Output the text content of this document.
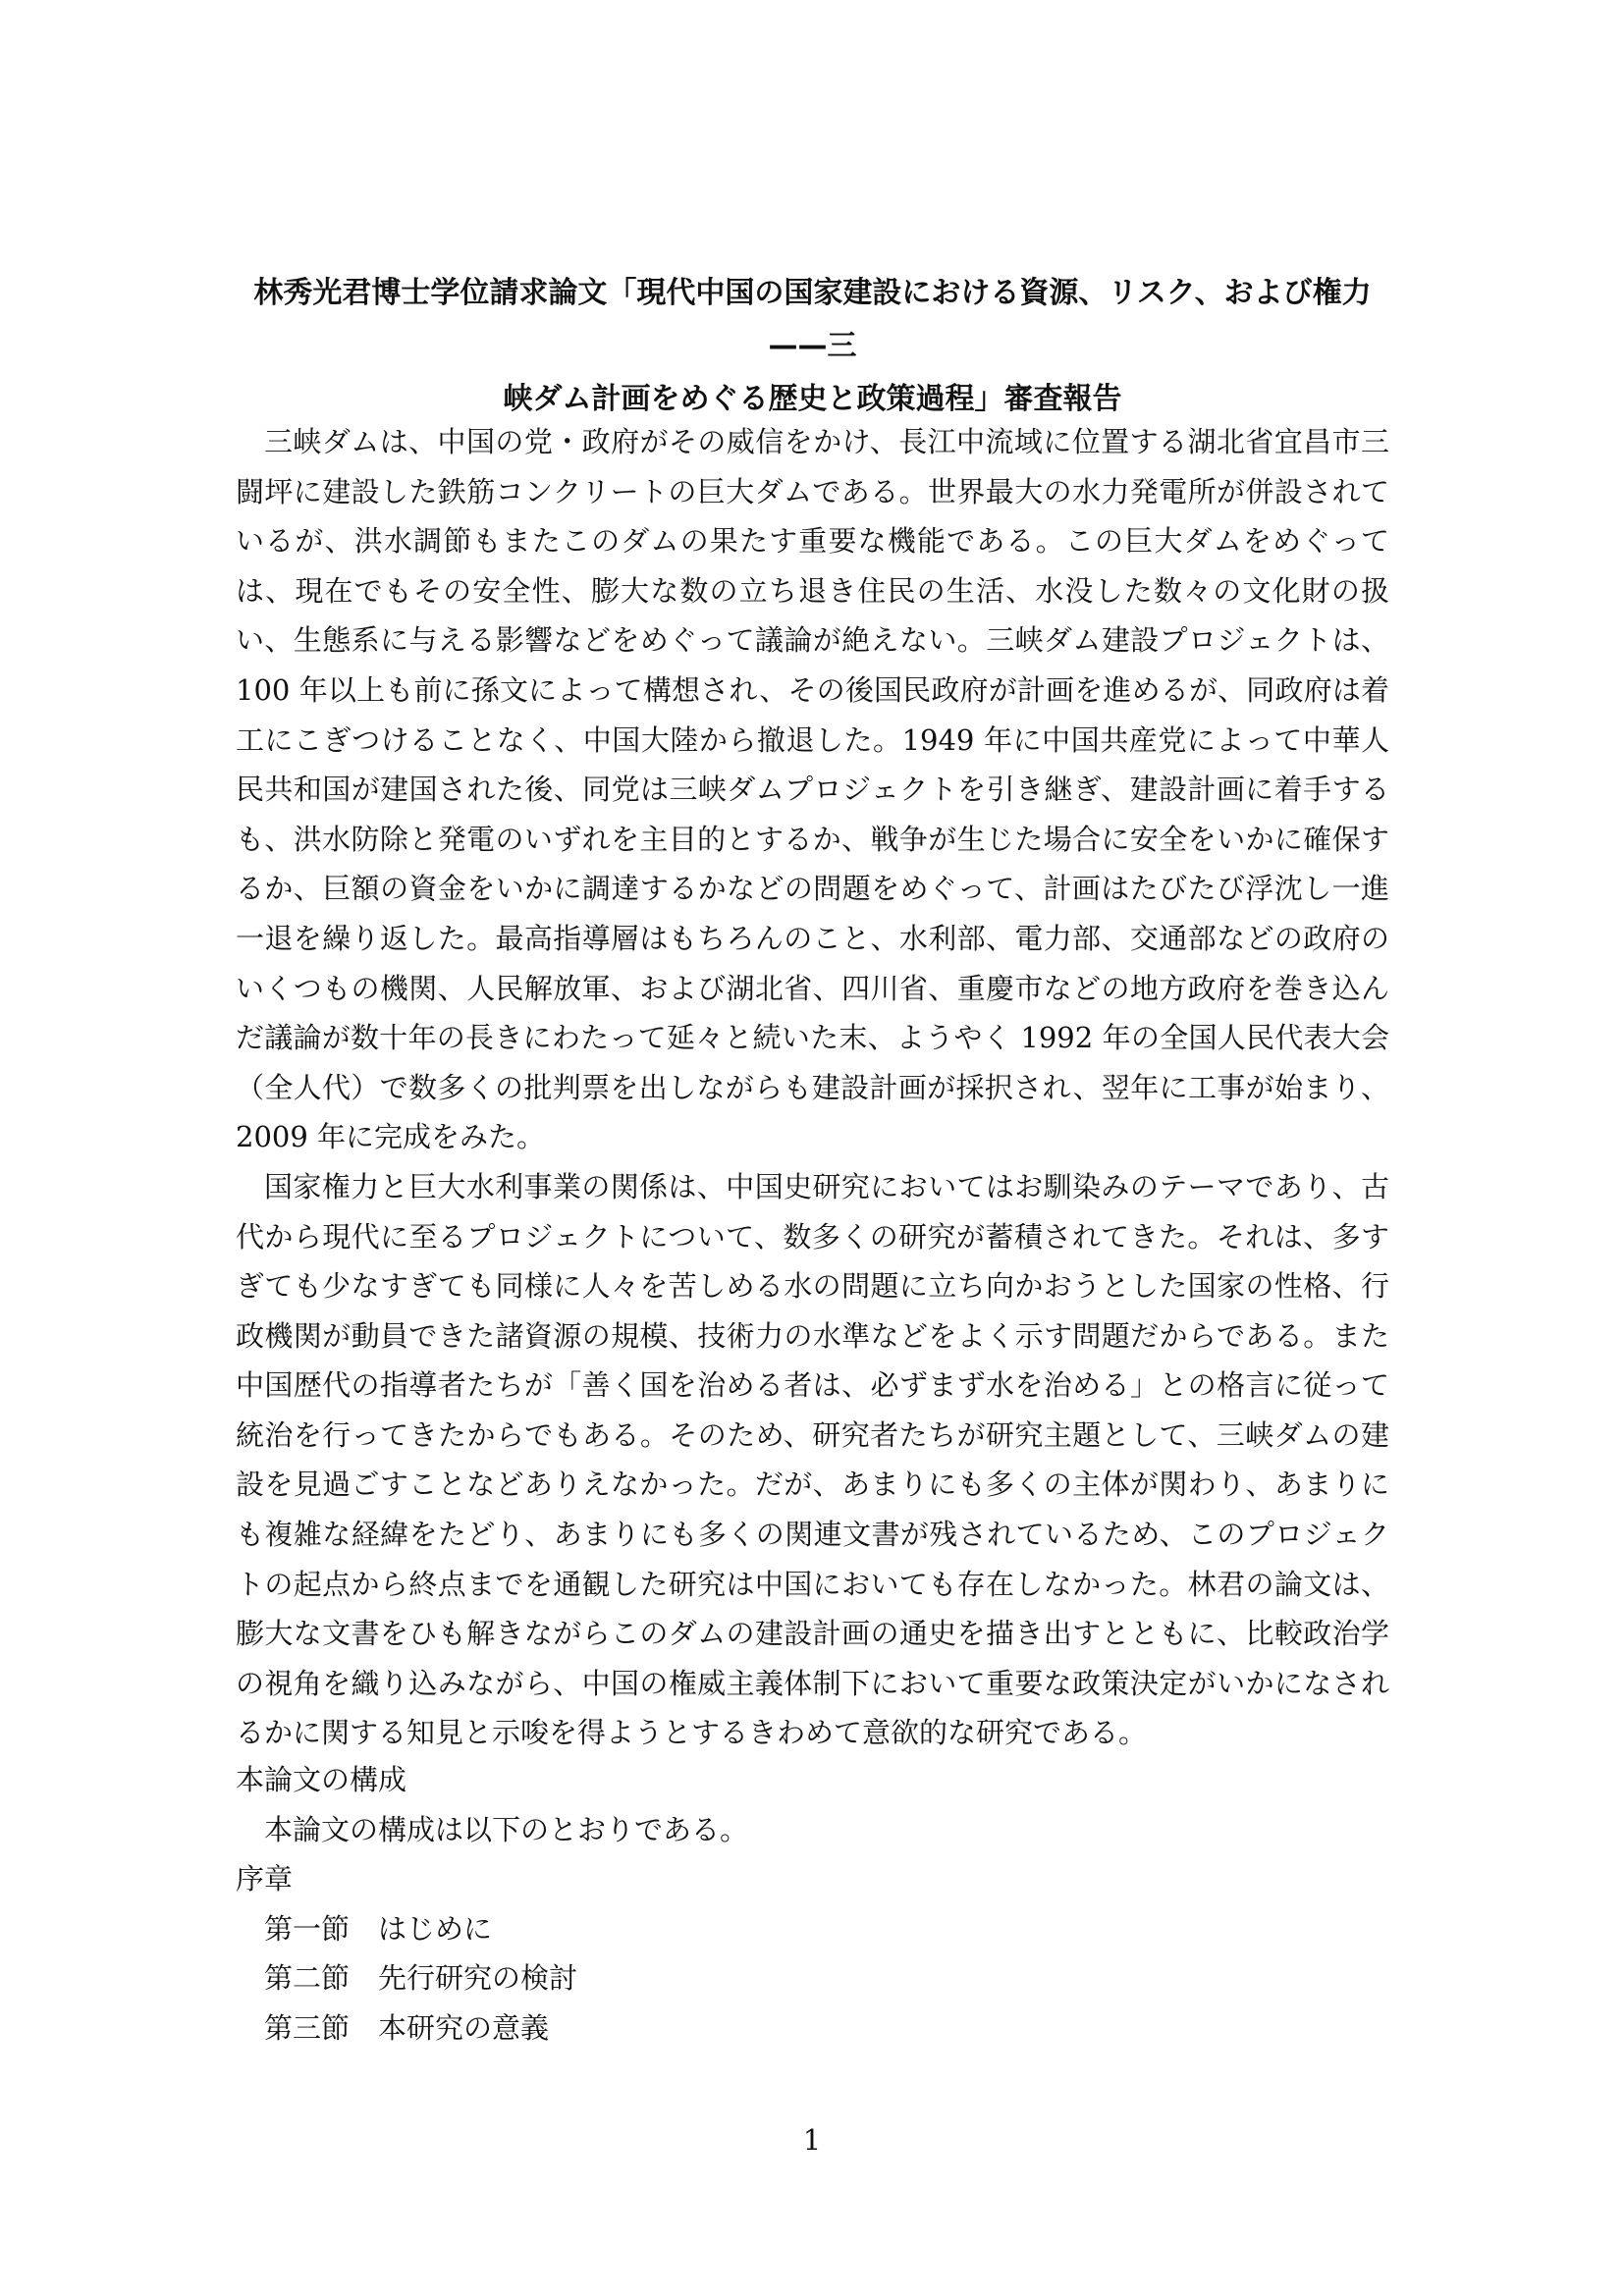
林秀光君博士学位請求論文「現代中国の国家建設における資源、リスク、および権力——三
峡ダム計画をめぐる歴史と政策過程」審査報告

三峡ダムは、中国の党・政府がその威信をかけ、長江中流域に位置する湖北省宜昌市三闘坪に建設した鉄筋コンクリートの巨大ダムである。世界最大の水力発電所が併設されているが、洪水調節もまたこのダムの果たす重要な機能である。この巨大ダムをめぐっては、現在でもその安全性、膨大な数の立ち退き住民の生活、水没した数々の文化財の扱い、生態系に与える影響などをめぐって議論が絶えない。三峡ダム建設プロジェクトは、100 年以上も前に孫文によって構想され、その後国民政府が計画を進めるが、同政府は着工にこぎつけることなく、中国大陸から撤退した。1949 年に中国共産党によって中華人民共和国が建国された後、同党は三峡ダムプロジェクトを引き継ぎ、建設計画に着手するも、洪水防除と発電のいずれを主目的とするか、戦争が生じた場合に安全をいかに確保するか、巨額の資金をいかに調達するかなどの問題をめぐって、計画はたびたび浮沈し一進一退を繰り返した。最高指導層はもちろんのこと、水利部、電力部、交通部などの政府のいくつもの機関、人民解放軍、および湖北省、四川省、重慶市などの地方政府を巻き込んだ議論が数十年の長きにわたって延々と続いた末、ようやく 1992 年の全国人民代表大会（全人代）で数多くの批判票を出しながらも建設計画が採択され、翌年に工事が始まり、2009 年に完成をみた。

国家権力と巨大水利事業の関係は、中国史研究においてはお馴染みのテーマであり、古代から現代に至るプロジェクトについて、数多くの研究が蓄積されてきた。それは、多すぎても少なすぎても同様に人々を苦しめる水の問題に立ち向かおうとした国家の性格、行政機関が動員できた諸資源の規模、技術力の水準などをよく示す問題だからである。また中国歴代の指導者たちが「善く国を治める者は、必ずまず水を治める」との格言に従って統治を行ってきたからでもある。そのため、研究者たちが研究主題として、三峡ダムの建設を見過ごすことなどありえなかった。だが、あまりにも多くの主体が関わり、あまりにも複雑な経緯をたどり、あまりにも多くの関連文書が残されているため、このプロジェクトの起点から終点までを通観した研究は中国においても存在しなかった。林君の論文は、膨大な文書をひも解きながらこのダムの建設計画の通史を描き出すとともに、比較政治学の視角を織り込みながら、中国の権威主義体制下において重要な政策決定がいかになされるかに関する知見と示唆を得ようとするきわめて意欲的な研究である。

本論文の構成

本論文の構成は以下のとおりである。

序章

第一節 はじめに

第二節 先行研究の検討

第三節 本研究の意義

1
